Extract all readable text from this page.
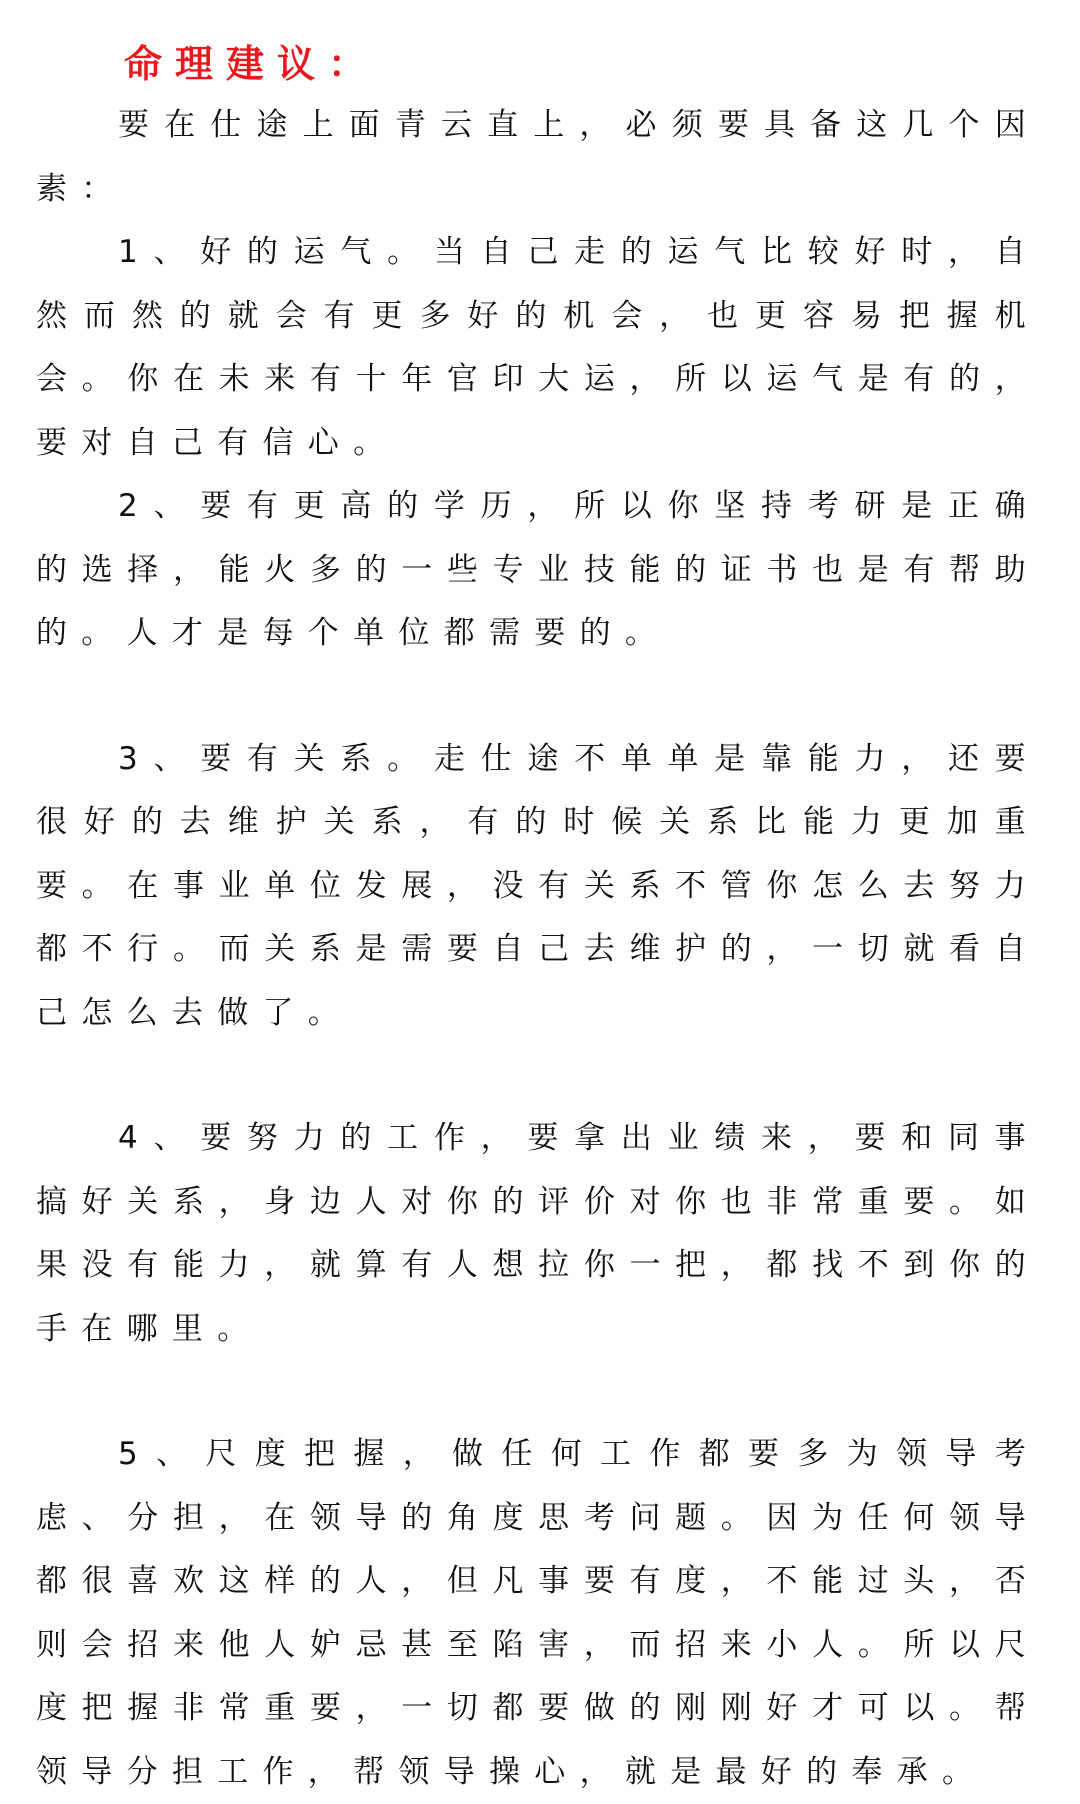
命理建议：

要在仕途上面青云直上，必须要具备这几个因素：

1、好的运气。当自己走的运气比较好时，自然而然的就会有更多好的机会，也更容易把握机会。你在未来有十年官印大运，所以运气是有的，要对自己有信心。

2、要有更高的学历，所以你坚持考研是正确的选择，能火多的一些专业技能的证书也是有帮助的。人才是每个单位都需要的。

3、要有关系。走仕途不单单是靠能力，还要很好的去维护关系，有的时候关系比能力更加重要。在事业单位发展，没有关系不管你怎么去努力都不行。而关系是需要自己去维护的，一切就看自己怎么去做了。

4、要努力的工作，要拿出业绩来，要和同事搞好关系，身边人对你的评价对你也非常重要。如果没有能力，就算有人想拉你一把，都找不到你的手在哪里。

5、尺度把握，做任何工作都要多为领导考虑、分担，在领导的角度思考问题。因为任何领导都很喜欢这样的人，但凡事要有度，不能过头，否则会招来他人妒忌甚至陷害，而招来小人。所以尺度把握非常重要，一切都要做的刚刚好才可以。帮领导分担工作，帮领导操心，就是最好的奉承。
